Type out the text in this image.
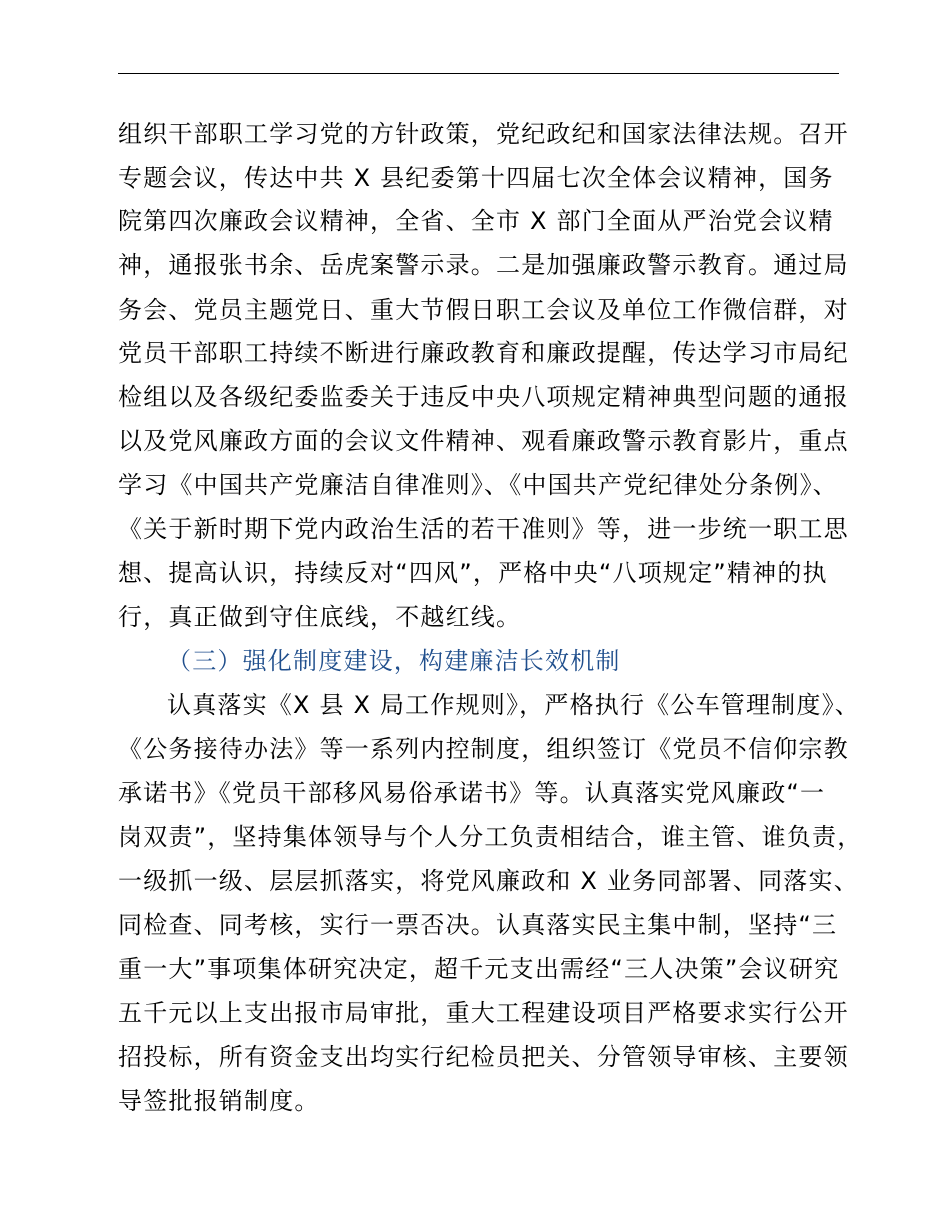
组织干部职工学习党的方针政策，党纪政纪和国家法律法规。召开
专题会议，传达中共 X 县纪委第十四届七次全体会议精神，国务
院第四次廉政会议精神，全省、全市 X 部门全面从严治党会议精
神，通报张书余、岳虎案警示录。二是加强廉政警示教育。通过局
务会、党员主题党日、重大节假日职工会议及单位工作微信群，对
党员干部职工持续不断进行廉政教育和廉政提醒，传达学习市局纪
检组以及各级纪委监委关于违反中央八项规定精神典型问题的通报
以及党风廉政方面的会议文件精神、观看廉政警示教育影片，重点
学习《中国共产党廉洁自律准则》、《中国共产党纪律处分条例》、
《关于新时期下党内政治生活的若干准则》等，进一步统一职工思
想、提高认识，持续反对“四风”，严格中央“八项规定”精神的执
行，真正做到守住底线，不越红线。
（三）强化制度建设，构建廉洁长效机制
认真落实《X 县 X 局工作规则》，严格执行《公车管理制度》、
《公务接待办法》等一系列内控制度，组织签订《党员不信仰宗教
承诺书》《党员干部移风易俗承诺书》等。认真落实党风廉政“一
岗双责”，坚持集体领导与个人分工负责相结合，谁主管、谁负责，
一级抓一级、层层抓落实，将党风廉政和 X 业务同部署、同落实、
同检查、同考核，实行一票否决。认真落实民主集中制，坚持“三
重一大”事项集体研究决定，超千元支出需经“三人决策”会议研究
五千元以上支出报市局审批，重大工程建设项目严格要求实行公开
招投标，所有资金支出均实行纪检员把关、分管领导审核、主要领
导签批报销制度。
